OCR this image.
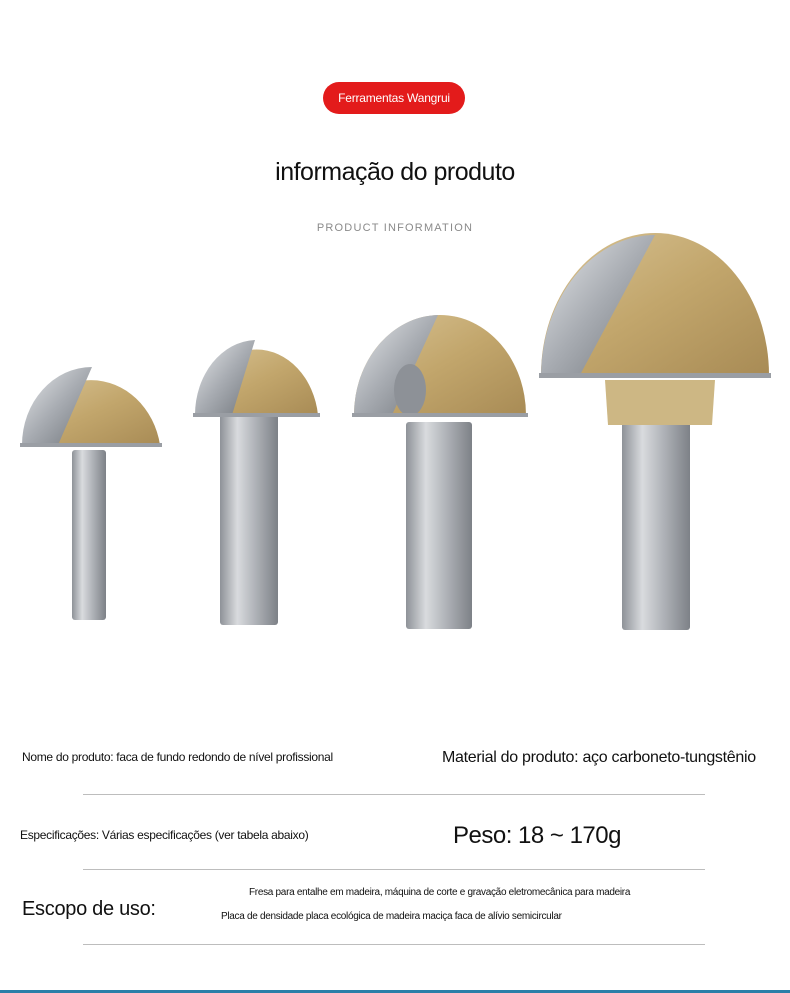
Ferramentas Wangrui
informação do produto
PRODUCT INFORMATION
Nome do produto: faca de fundo redondo de nível profissional	Material do produto: aço carboneto-tungstênio
Especificações: Várias especificações (ver tabela abaixo)	Peso: 18 ~ 170g
Escopo de uso:
Fresa para entalhe em madeira, máquina de corte e gravação eletromecânica para madeira
Placa de densidade placa ecológica de madeira maciça faca de alívio semicircular
